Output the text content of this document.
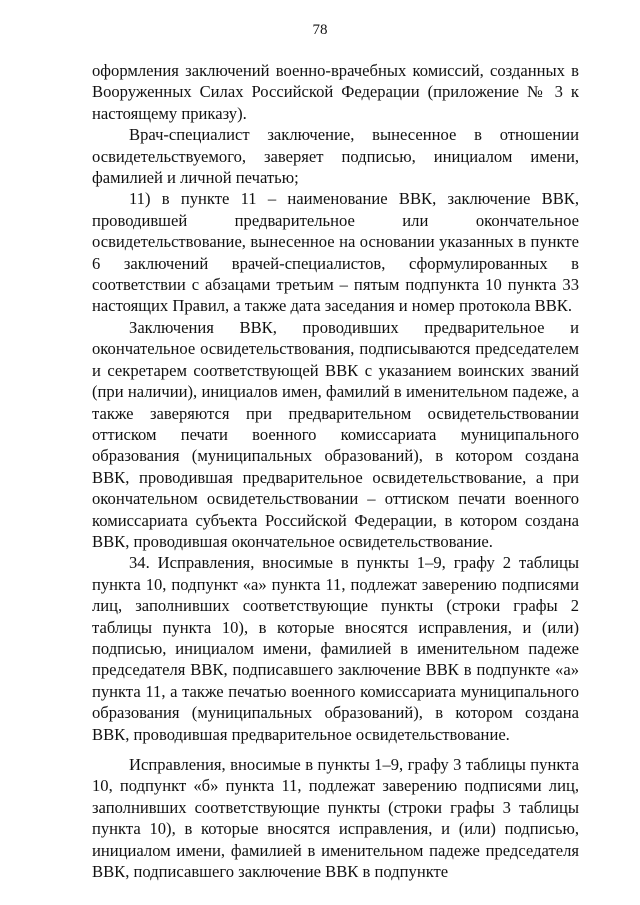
78

оформления заключений военно-врачебных комиссий, созданных в Вооруженных Силах Российской Федерации (приложение № 3 к настоящему приказу).

Врач-специалист заключение, вынесенное в отношении освидетельствуемого, заверяет подписью, инициалом имени, фамилией и личной печатью;

11) в пункте 11 – наименование ВВК, заключение ВВК, проводившей предварительное или окончательное освидетельствование, вынесенное на основании указанных в пункте 6 заключений врачей-специалистов, сформулированных в соответствии с абзацами третьим – пятым подпункта 10 пункта 33 настоящих Правил, а также дата заседания и номер протокола ВВК.

Заключения ВВК, проводивших предварительное и окончательное освидетельствования, подписываются председателем и секретарем соответствующей ВВК с указанием воинских званий (при наличии), инициалов имен, фамилий в именительном падеже, а также заверяются при предварительном освидетельствовании оттиском печати военного комиссариата муниципального образования (муниципальных образований), в котором создана ВВК, проводившая предварительное освидетельствование, а при окончательном освидетельствовании – оттиском печати военного комиссариата субъекта Российской Федерации, в котором создана ВВК, проводившая окончательное освидетельствование.

34. Исправления, вносимые в пункты 1–9, графу 2 таблицы пункта 10, подпункт «а» пункта 11, подлежат заверению подписями лиц, заполнивших соответствующие пункты (строки графы 2 таблицы пункта 10), в которые вносятся исправления, и (или) подписью, инициалом имени, фамилией в именительном падеже председателя ВВК, подписавшего заключение ВВК в подпункте «а» пункта 11, а также печатью военного комиссариата муниципального образования (муниципальных образований), в котором создана ВВК, проводившая предварительное освидетельствование.

Исправления, вносимые в пункты 1–9, графу 3 таблицы пункта 10, подпункт «б» пункта 11, подлежат заверению подписями лиц, заполнивших соответствующие пункты (строки графы 3 таблицы пункта 10), в которые вносятся исправления, и (или) подписью, инициалом имени, фамилией в именительном падеже председателя ВВК, подписавшего заключение ВВК в подпункте
